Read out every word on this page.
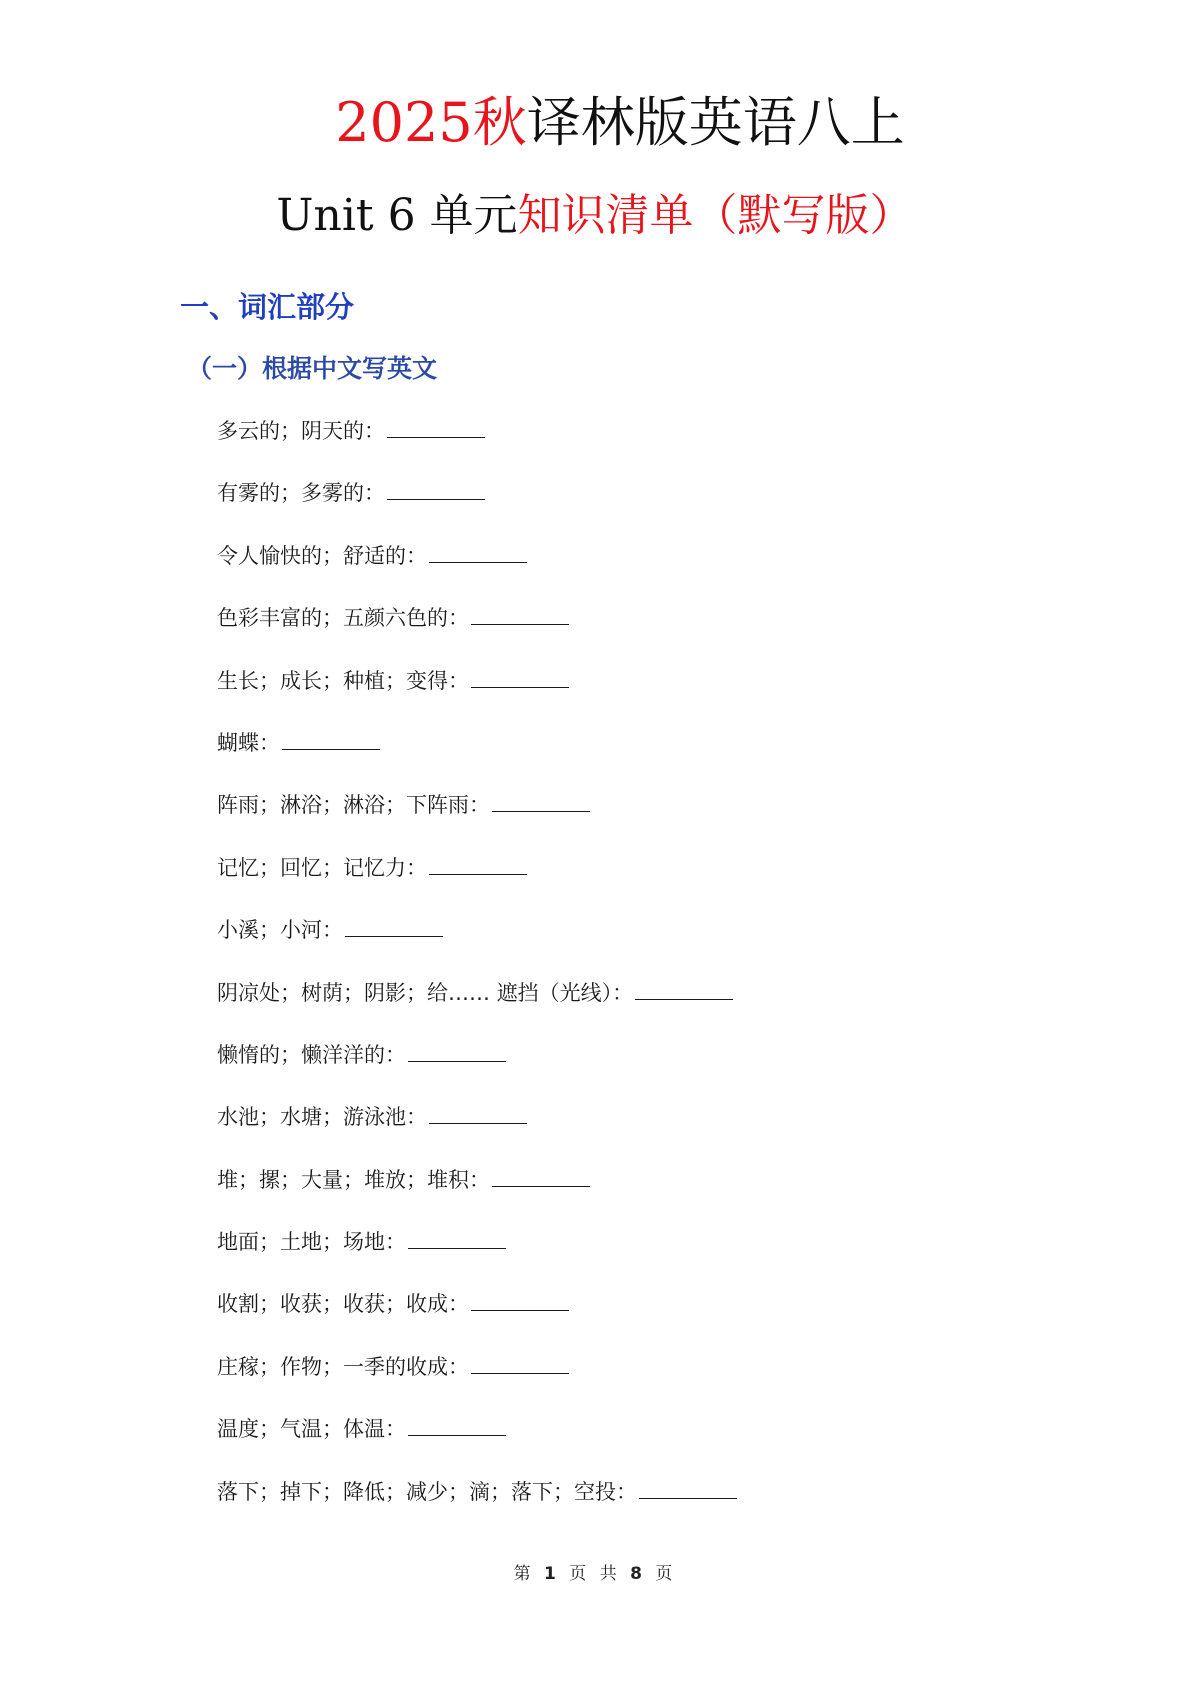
2025秋译林版英语八上
Unit 6 单元知识清单（默写版）
一、词汇部分
（一）根据中文写英文
多云的；阴天的：
有雾的；多雾的：
令人愉快的；舒适的：
色彩丰富的；五颜六色的：
生长；成长；种植；变得：
蝴蝶：
阵雨；淋浴；淋浴；下阵雨：
记忆；回忆；记忆力：
小溪；小河：
阴凉处；树荫；阴影；给…… 遮挡（光线）：
懒惰的；懒洋洋的：
水池；水塘；游泳池：
堆；摞；大量；堆放；堆积：
地面；土地；场地：
收割；收获；收获；收成：
庄稼；作物；一季的收成：
温度；气温；体温：
落下；掉下；降低；减少；滴；落下；空投：
第 1 页 共 8 页
